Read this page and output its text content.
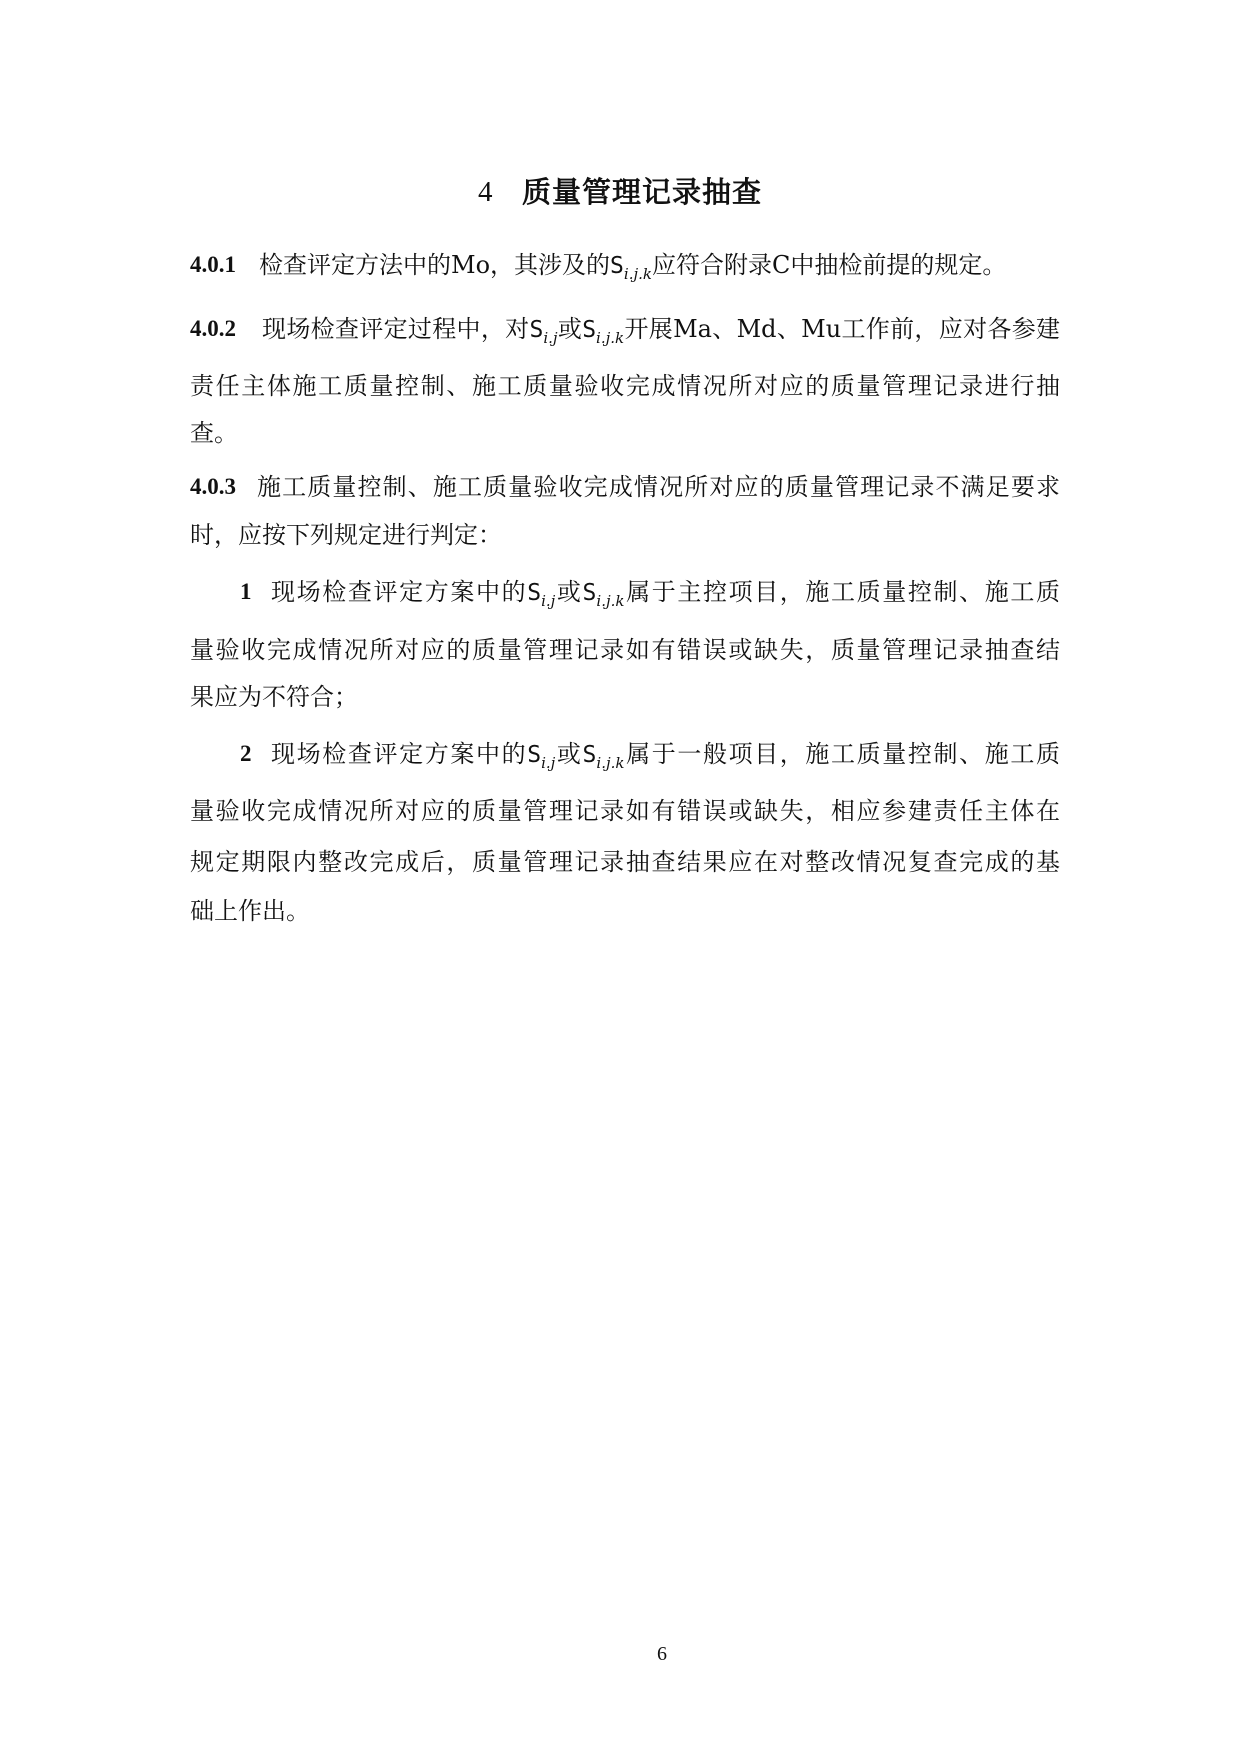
4 质量管理记录抽查
4.0.1 检查评定方法中的Mo，其涉及的$S_{i.j.k}$应符合附录C中抽检前提的规定。
4.0.2 现场检查评定过程中，对$S_{i.j}$或$S_{i.j.k}$开展Ma、Md、Mu工作前，应对各参建
责任主体施工质量控制、施工质量验收完成情况所对应的质量管理记录进行抽
查。
4.0.3 施工质量控制、施工质量验收完成情况所对应的质量管理记录不满足要求
时，应按下列规定进行判定：
1 现场检查评定方案中的$S_{i.j}$或$S_{i.j.k}$属于主控项目，施工质量控制、施工质
量验收完成情况所对应的质量管理记录如有错误或缺失，质量管理记录抽查结
果应为不符合；
2 现场检查评定方案中的$S_{i.j}$或$S_{i.j.k}$属于一般项目，施工质量控制、施工质
量验收完成情况所对应的质量管理记录如有错误或缺失，相应参建责任主体在
规定期限内整改完成后，质量管理记录抽查结果应在对整改情况复查完成的基
础上作出。
6
